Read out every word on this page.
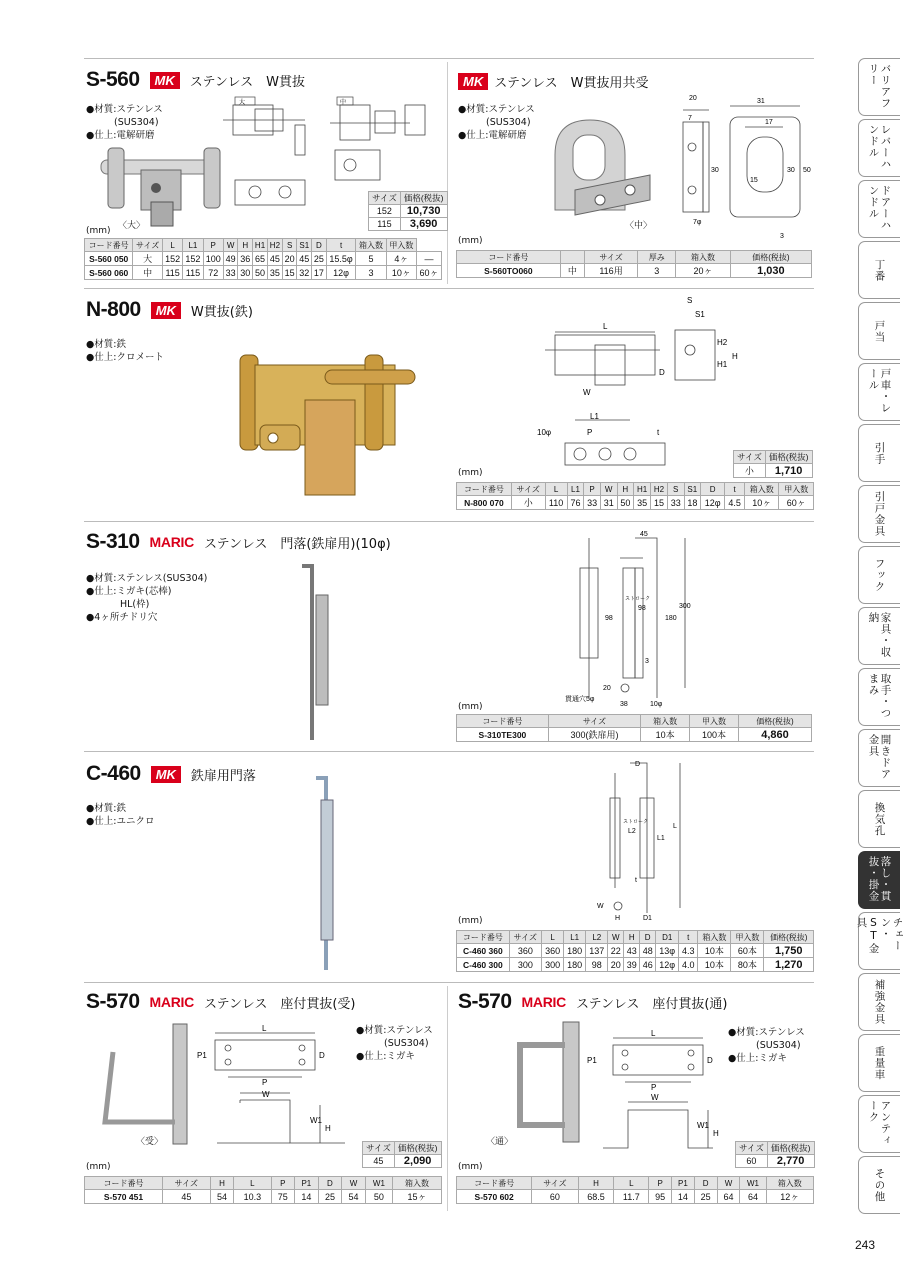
S-560	MK	ステンレス　W貫抜
●材質:ステンレス
(SUS304)
●仕上:電解研磨
〈大〉
大	中
サイズ	価格(税抜)
152	10,730
115	3,690
(mm)
コード番号	サイズ	L	L1	P	W	H	H1	H2	S	S1	D	t	箱入数	甲入数	
S-560 050	大	152	152	100	49	36	65	45	20	45	25	15.5φ	5	4ヶ	—
S-560 060	中	115	115	72	33	30	50	35	15	32	17	12φ	3	10ヶ	60ヶ
MK ステンレス　W貫抜用共受
●材質:ステンレス
(SUS304)
●仕上:電解研磨
〈中〉
20
7
30
7φ
31
17
15
30 50
3
(mm)
コード番号		サイズ	厚み	箱入数	価格(税抜)
S-560TO060	中	116用	3	20ヶ	1,030
N-800	MK	W貫抜(鉄)
●材質:鉄
●仕上:クロメート
S
S1
L
H2
H
H1
D
W
L1
P	t
10φ
サイズ	価格(税抜)
小	1,710
(mm)
コード番号	サイズ	L	L1	P	W	H	H1	H2	S	S1	D	t	箱入数	甲入数
N-800 070	小	110	76	33	31	50	35	15	33	18	12φ	4.5	10ヶ	60ヶ
S-310 MARIC ステンレス　門落(鉄扉用)(10φ)
●材質:ステンレス(SUS304)
●仕上:ミガキ(芯棒)
HL(枠)
●4ヶ所チドリ穴
45
300
98
98
180
3
20
38	10φ
貫通穴5φ
ストローク
(mm)
コード番号	サイズ	箱入数	甲入数	価格(税抜)
S-310TE300	300(鉄扉用)	10本	100本	4,860
C-460	MK	鉄扉用門落
●材質:鉄
●仕上:ユニクロ
D
L
L1
L2
t
W
H	D1
ストローク
(mm)
コード番号	サイズ	L	L1	L2	W	H	D	D1	t	箱入数	甲入数	価格(税抜)
C-460 360	360	360	180	137	22	43	48	13φ	4.3	10本	60本	1,750
C-460 300	300	300	180	98	20	39	46	12φ	4.0	10本	80本	1,270
S-570 MARIC ステンレス　座付貫抜(受)
●材質:ステンレス
(SUS304)
●仕上:ミガキ
〈受〉
L
P1	D
P
W
W1
H
サイズ	価格(税抜)
45	2,090
(mm)
コード番号	サイズ	H	L	P	P1	D	W	W1	箱入数
S-570 451	45	54	10.3	75	14	25	54	50	15ヶ
S-570 MARIC ステンレス　座付貫抜(通)
●材質:ステンレス
(SUS304)
●仕上:ミガキ
〈通〉
L
P1	D
P
W
W1
H
サイズ	価格(税抜)
60	2,770
(mm)
コード番号	サイズ	H	L	P	P1	D	W	W1	箱入数
S-570 602	60	68.5	11.7	95	14	25	64	64	12ヶ
バリアフリー
レバーハンドル
ドアーハンドル
丁番
戸当
戸車・レール
引手
引戸金具
フック
家具・収納
取手・つまみ
開きドア金具
換気孔
落し・貫抜・掛金
チェーン・ST金具
補強金具
重量車
アンティーク
その他
243
